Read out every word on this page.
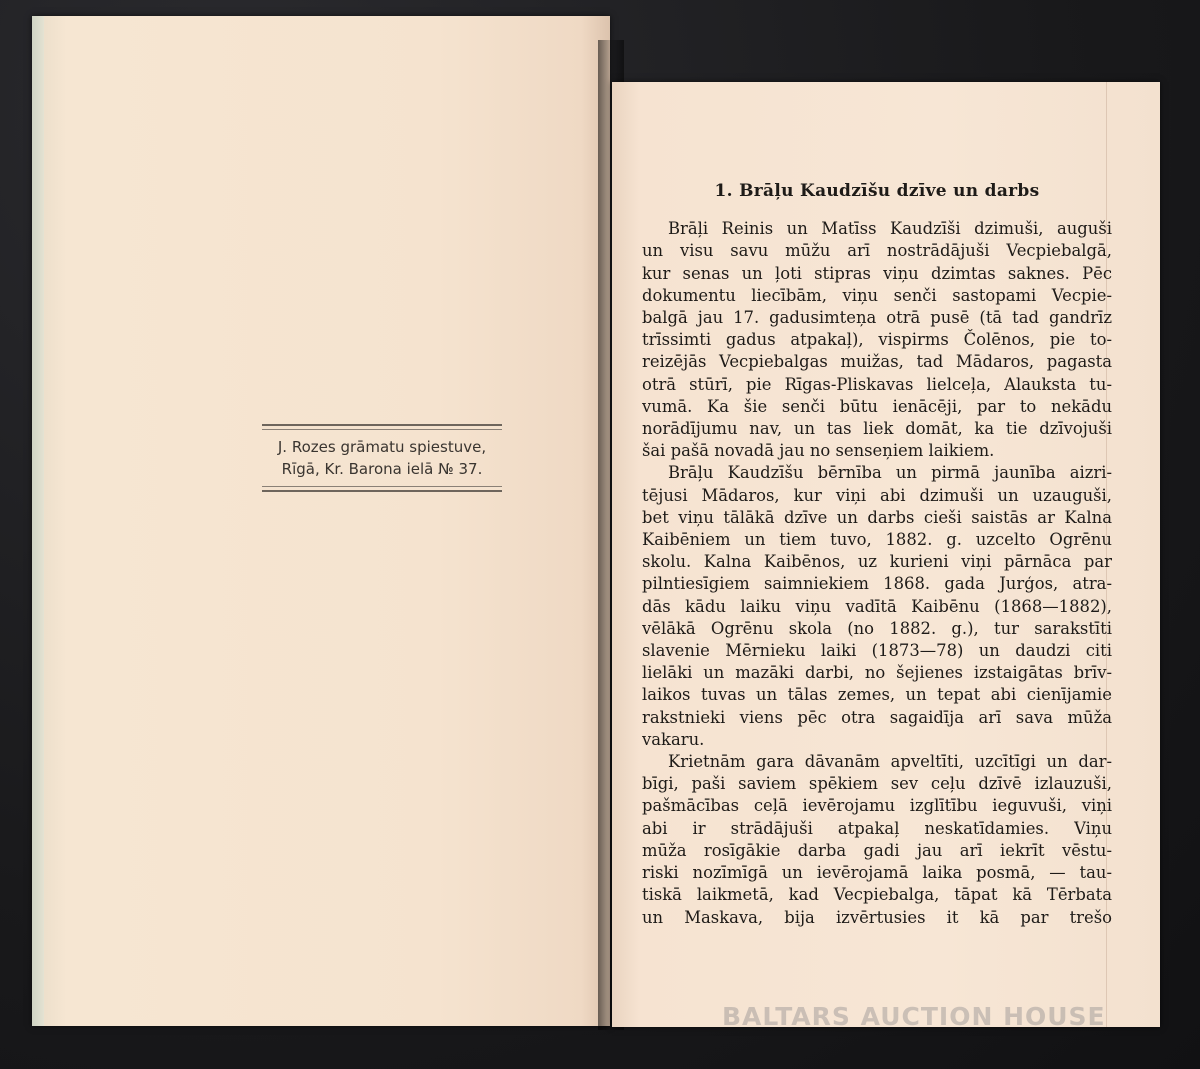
J. Rozes grāmatu spiestuve,
Rīgā, Kr. Barona ielā № 37.
1. Brāļu Kaudzīšu dzīve un darbs
Brāļi Reinis un Matīss Kaudzīši dzimuši, auguši
un visu savu mūžu arī nostrādājuši Vecpiebalgā,
kur senas un ļoti stipras viņu dzimtas saknes. Pēc
dokumentu liecībām, viņu senči sastopami Vecpie-
balgā jau 17. gadusimteņa otrā pusē (tā tad gandrīz
trīssimti gadus atpakaļ), vispirms Čolēnos, pie to-
reizējās Vecpiebalgas muižas, tad Mādaros, pagasta
otrā stūrī, pie Rīgas-Pliskavas lielceļa, Alauksta tu-
vumā. Ka šie senči būtu ienācēji, par to nekādu
norādījumu nav, un tas liek domāt, ka tie dzīvojuši
šai pašā novadā jau no senseņiem laikiem.
Brāļu Kaudzīšu bērnība un pirmā jaunība aizri-
tējusi Mādaros, kur viņi abi dzimuši un uzauguši,
bet viņu tālākā dzīve un darbs cieši saistās ar Kalna
Kaibēniem un tiem tuvo, 1882. g. uzcelto Ogrēnu
skolu. Kalna Kaibēnos, uz kurieni viņi pārnāca par
pilntiesīgiem saimniekiem 1868. gada Jurģos, atra-
dās kādu laiku viņu vadītā Kaibēnu (1868—1882),
vēlākā Ogrēnu skola (no 1882. g.), tur sarakstīti
slavenie Mērnieku laiki (1873—78) un daudzi citi
lielāki un mazāki darbi, no šejienes izstaigātas brīv-
laikos tuvas un tālas zemes, un tepat abi cienījamie
rakstnieki viens pēc otra sagaidīja arī sava mūža
vakaru.
Krietnām gara dāvanām apveltīti, uzcītīgi un dar-
bīgi, paši saviem spēkiem sev ceļu dzīvē izlauzuši,
pašmācības ceļā ievērojamu izglītību ieguvuši, viņi
abi ir strādājuši atpakaļ neskatīdamies. Viņu
mūža rosīgākie darba gadi jau arī iekrīt vēstu-
riski nozīmīgā un ievērojamā laika posmā, — tau-
tiskā laikmetā, kad Vecpiebalga, tāpat kā Tērbata
un Maskava, bija izvērtusies it kā par trešo
BALTARS AUCTION HOUSE
